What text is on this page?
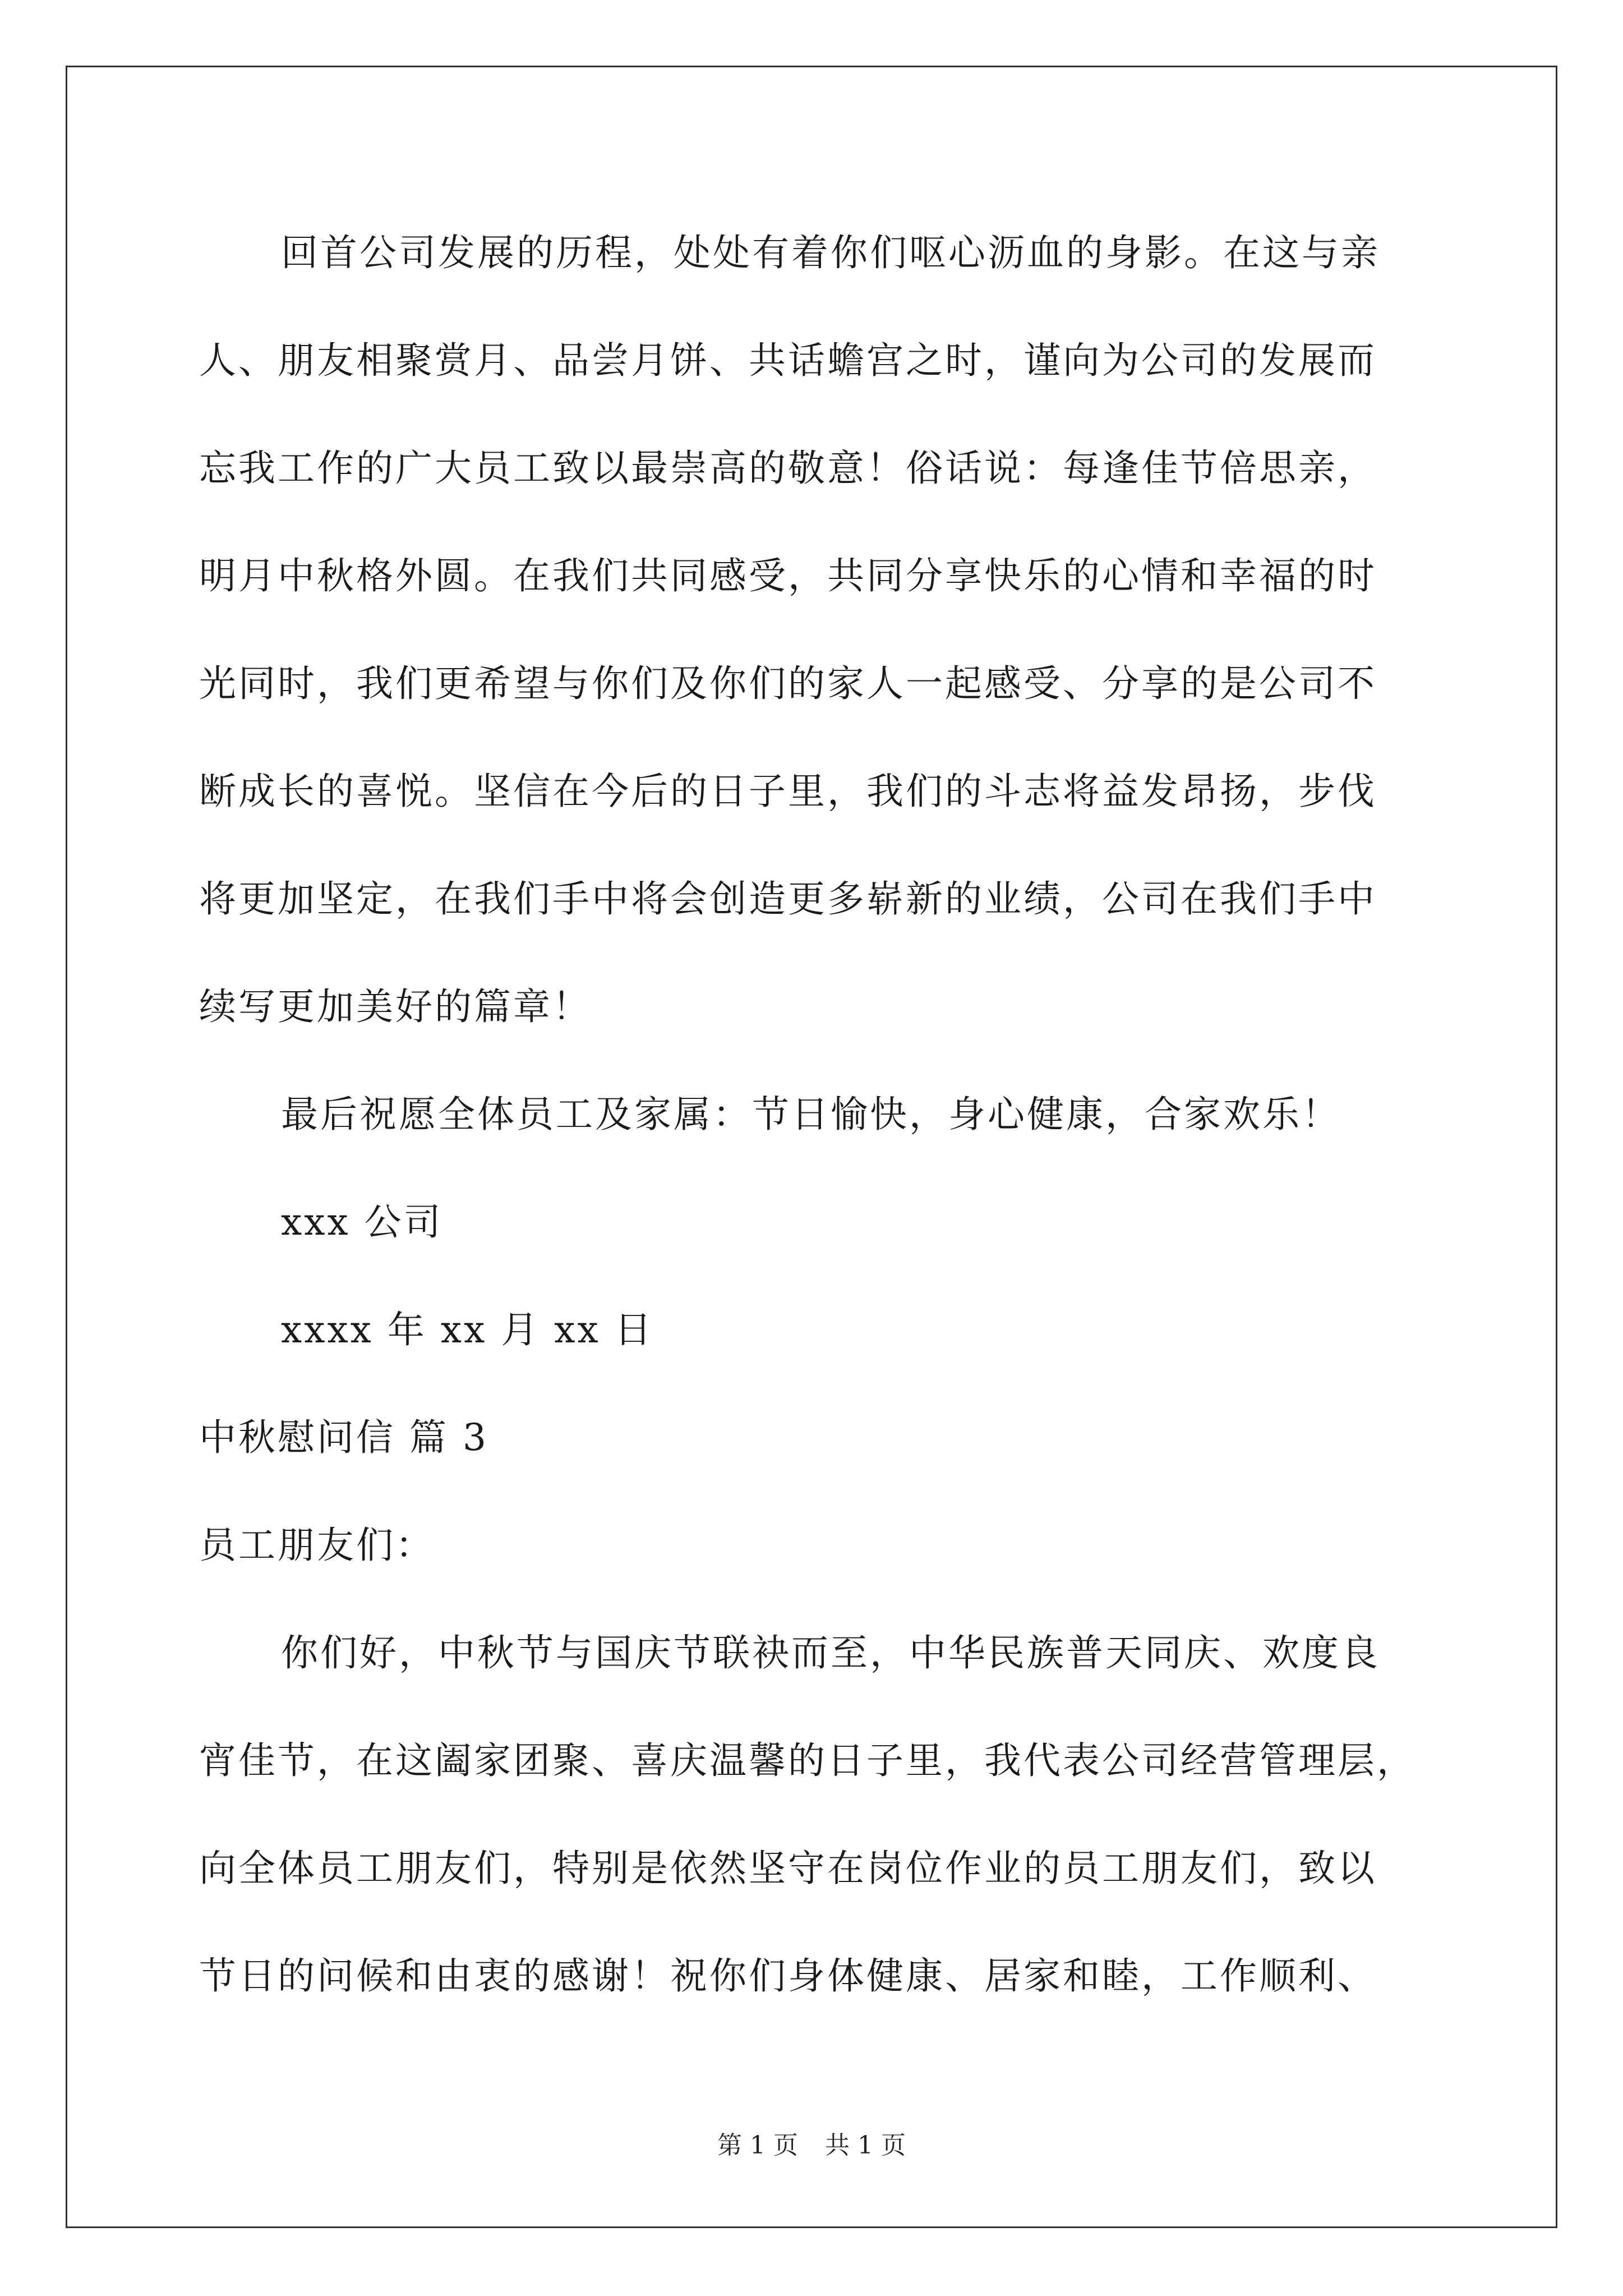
回首公司发展的历程，处处有着你们呕心沥血的身影。在这与亲
人、朋友相聚赏月、品尝月饼、共话蟾宫之时，谨向为公司的发展而
忘我工作的广大员工致以最崇高的敬意！俗话说：每逢佳节倍思亲，
明月中秋格外圆。在我们共同感受，共同分享快乐的心情和幸福的时
光同时，我们更希望与你们及你们的家人一起感受、分享的是公司不
断成长的喜悦。坚信在今后的日子里，我们的斗志将益发昂扬，步伐
将更加坚定，在我们手中将会创造更多崭新的业绩，公司在我们手中
续写更加美好的篇章！
最后祝愿全体员工及家属：节日愉快，身心健康，合家欢乐！
xxx 公司
xxxx 年 xx 月 xx 日
中秋慰问信 篇 3
员工朋友们：
你们好，中秋节与国庆节联袂而至，中华民族普天同庆、欢度良
宵佳节，在这阖家团聚、喜庆温馨的日子里，我代表公司经营管理层，
向全体员工朋友们，特别是依然坚守在岗位作业的员工朋友们，致以
节日的问候和由衷的感谢！祝你们身体健康、居家和睦，工作顺利、
第 1 页 共 1 页
